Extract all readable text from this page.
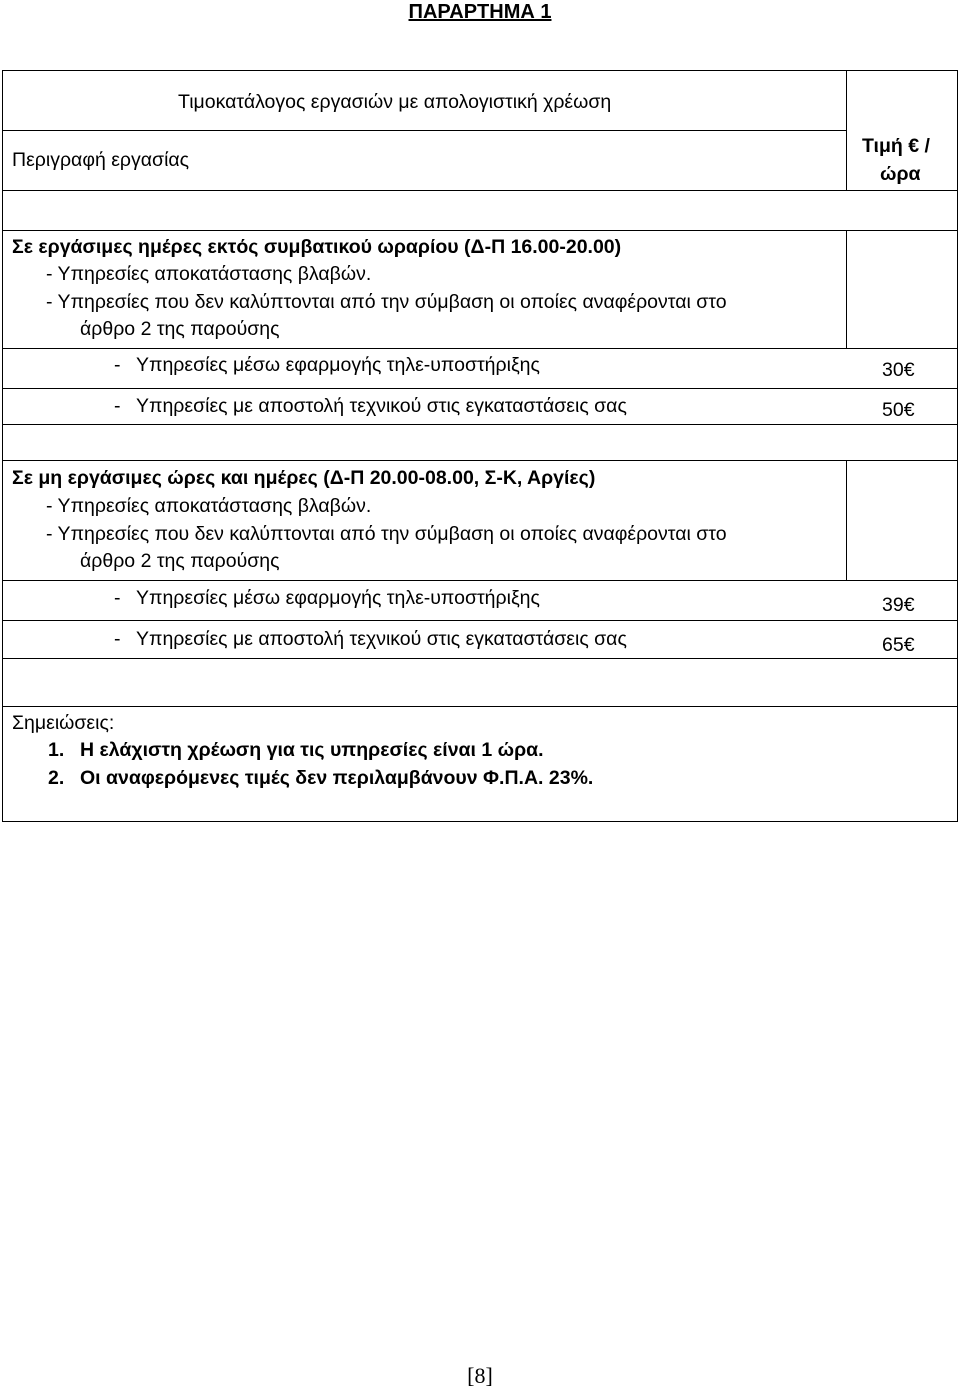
ΠΑΡΑΡΤΗΜΑ 1
Τιμοκατάλογος εργασιών με απολογιστική χρέωση
Περιγραφή εργασίας
Τιμή € /
ώρα
Σε εργάσιμες ημέρες εκτός συμβατικού ωραρίου (Δ-Π 16.00-20.00)
- Υπηρεσίες αποκατάστασης βλαβών.
- Υπηρεσίες που δεν καλύπτονται από την σύμβαση οι οποίες αναφέρονται στο
άρθρο 2 της παρούσης
- Υπηρεσίες μέσω εφαρμογής τηλε-υποστήριξης	30€
- Υπηρεσίες με αποστολή τεχνικού στις εγκαταστάσεις σας	50€
Σε μη εργάσιμες ώρες και ημέρες (Δ-Π 20.00-08.00, Σ-Κ, Αργίες)
- Υπηρεσίες αποκατάστασης βλαβών.
- Υπηρεσίες που δεν καλύπτονται από την σύμβαση οι οποίες αναφέρονται στο
άρθρο 2 της παρούσης
- Υπηρεσίες μέσω εφαρμογής τηλε-υποστήριξης	39€
- Υπηρεσίες με αποστολή τεχνικού στις εγκαταστάσεις σας	65€
Σημειώσεις:
1. Η ελάχιστη χρέωση για τις υπηρεσίες είναι 1 ώρα.
2. Οι αναφερόμενες τιμές δεν περιλαμβάνουν Φ.Π.Α. 23%.
[8]
